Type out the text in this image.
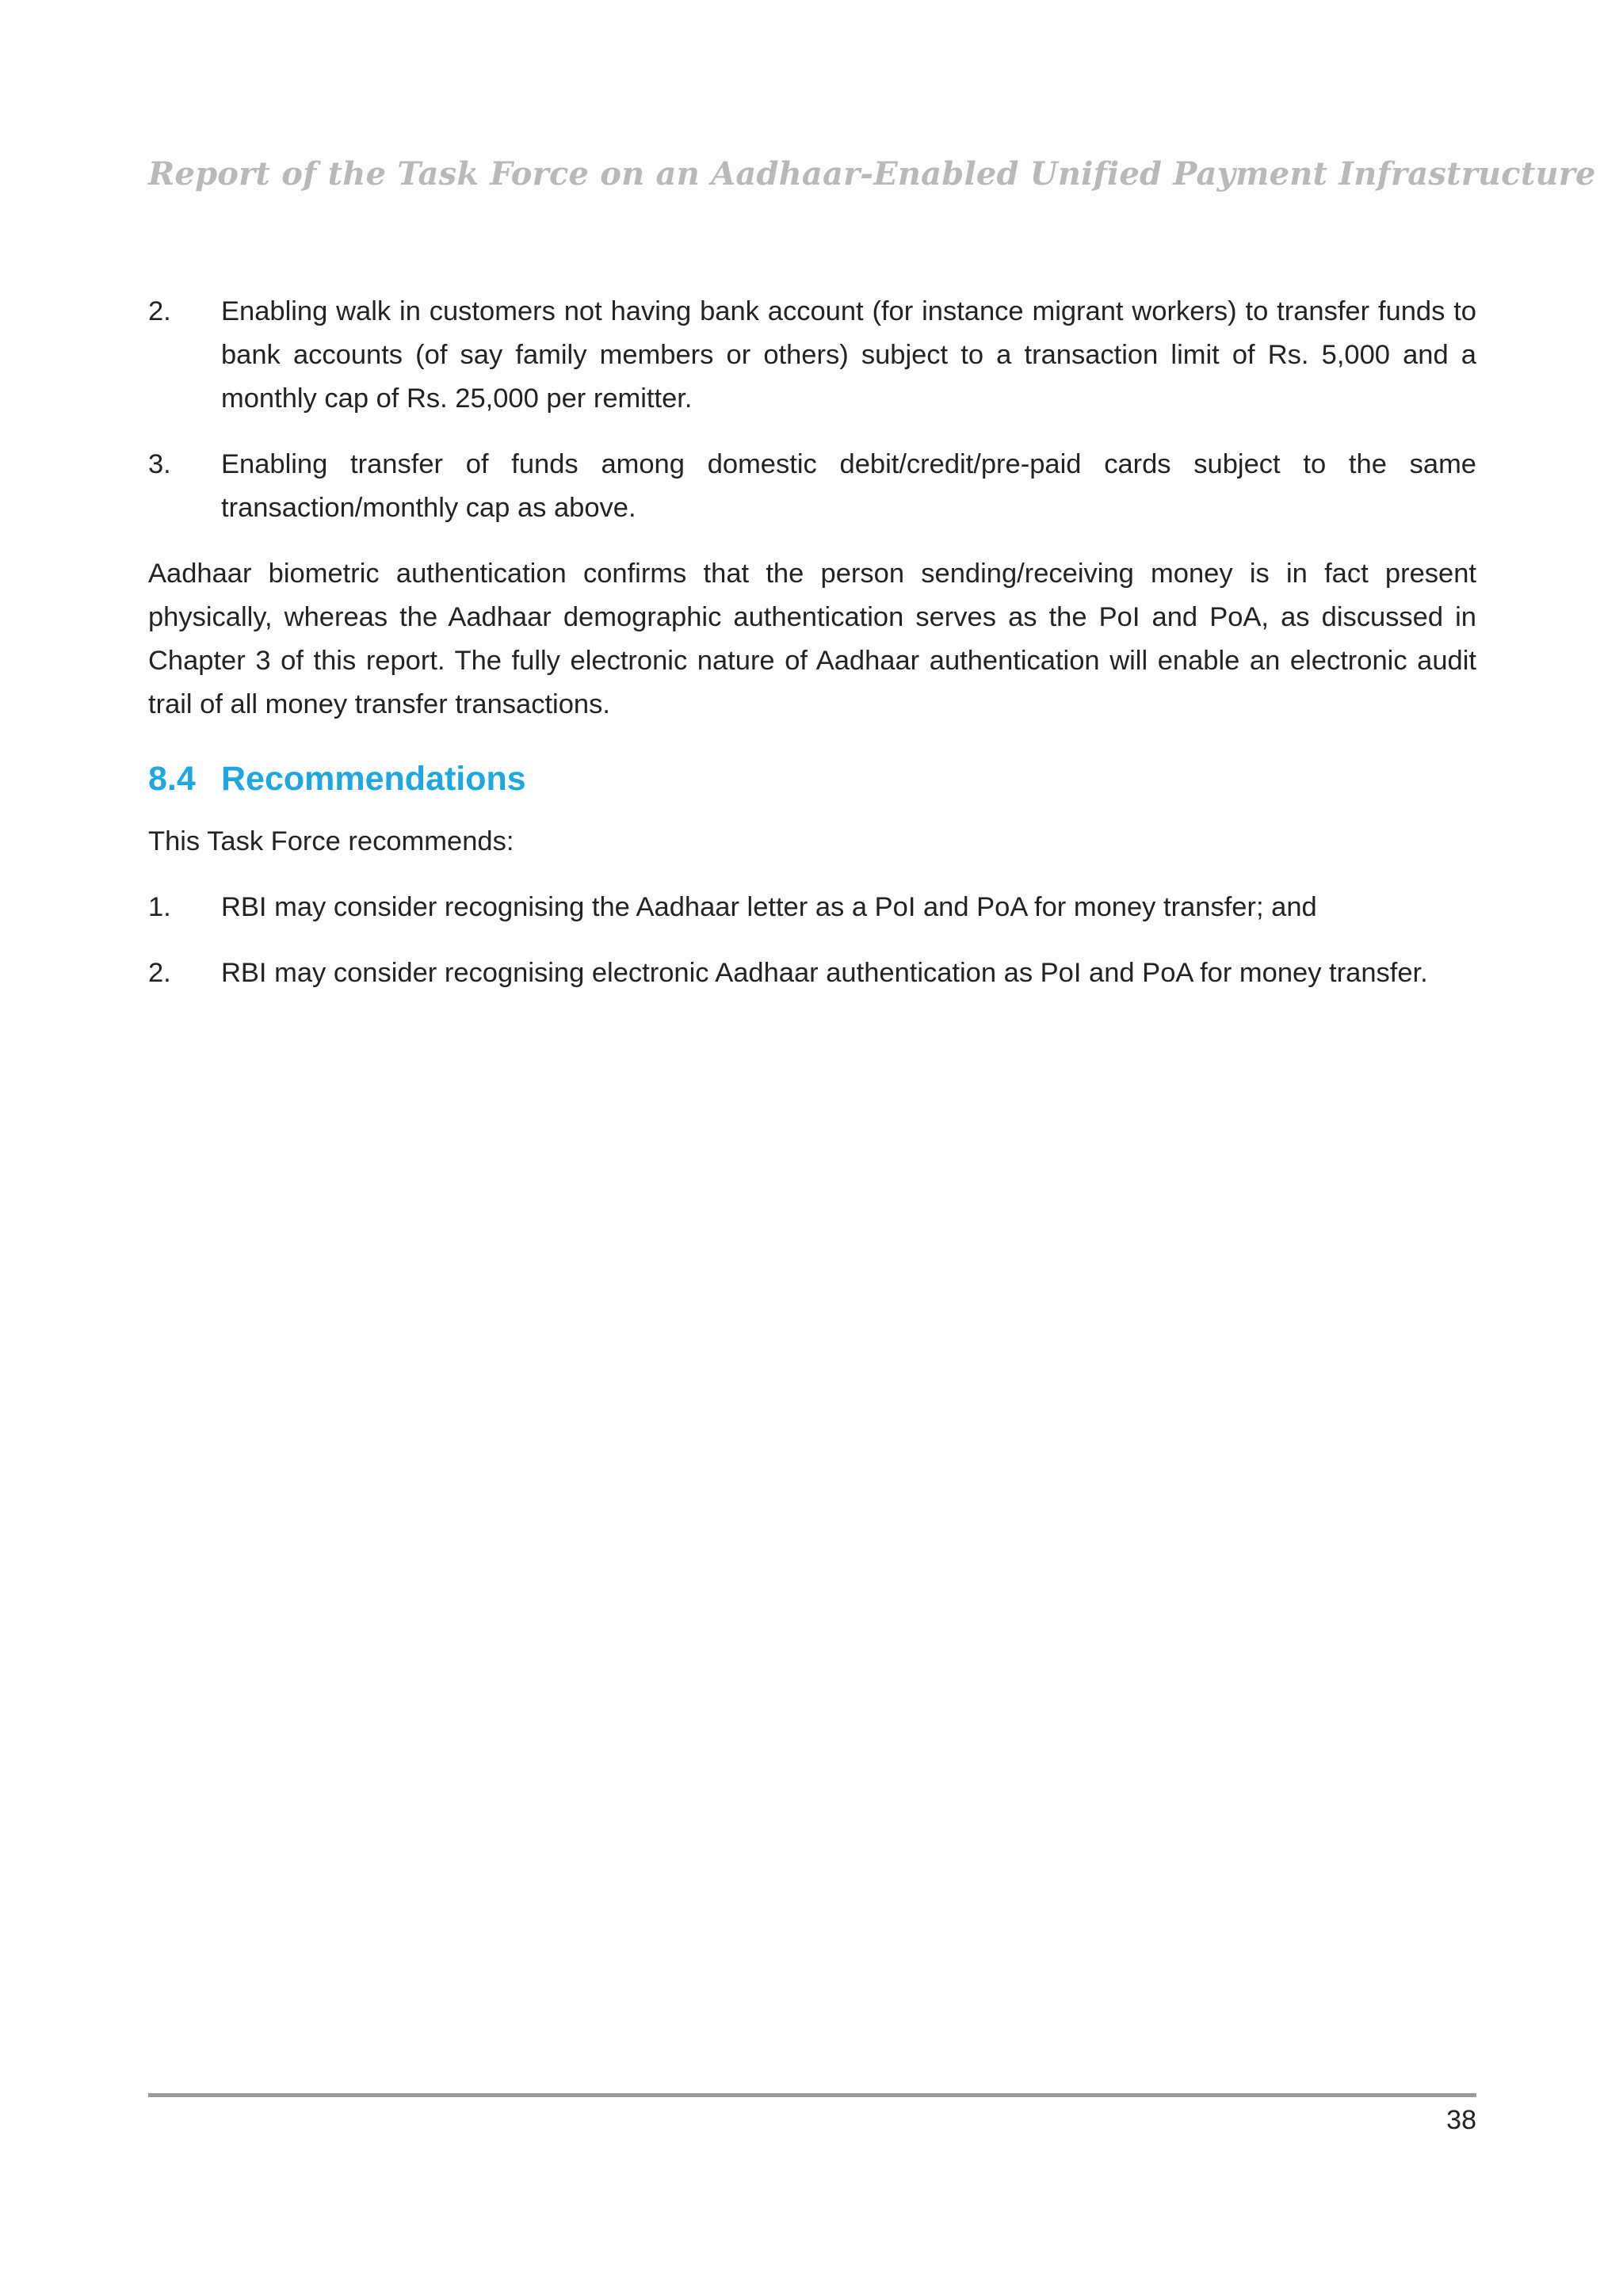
Report of the Task Force on an Aadhaar-Enabled Unified Payment Infrastructure
2. Enabling walk in customers not having bank account (for instance migrant workers) to transfer funds to bank accounts (of say family members or others) subject to a transaction limit of Rs. 5,000 and a monthly cap of Rs. 25,000 per remitter.
3. Enabling transfer of funds among domestic debit/credit/pre-paid cards subject to the same transaction/monthly cap as above.

Aadhaar biometric authentication confirms that the person sending/receiving money is in fact present physically, whereas the Aadhaar demographic authentication serves as the PoI and PoA, as discussed in Chapter 3 of this report. The fully electronic nature of Aadhaar authentication will enable an electronic audit trail of all money transfer transactions.

8.4 Recommendations

This Task Force recommends:

1. RBI may consider recognising the Aadhaar letter as a PoI and PoA for money transfer; and
2. RBI may consider recognising electronic Aadhaar authentication as PoI and PoA for money transfer.
38
